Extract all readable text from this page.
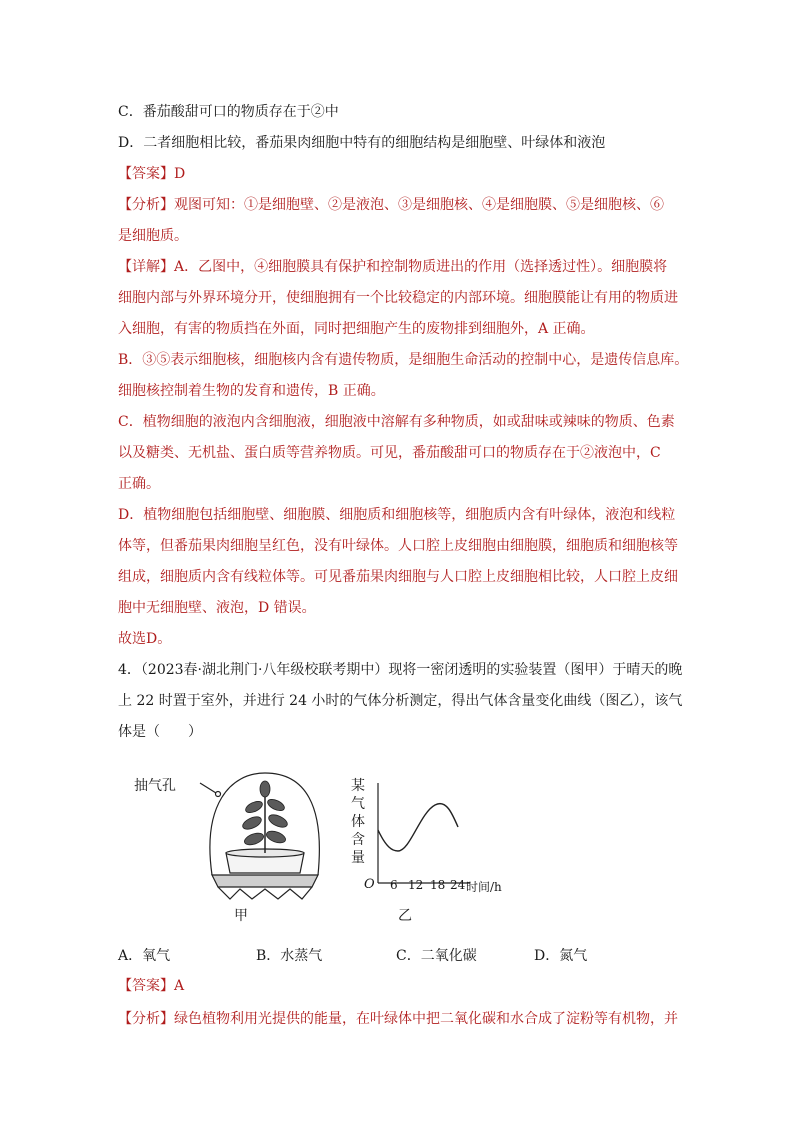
C．番茄酸甜可口的物质存在于②中
D．二者细胞相比较，番茄果肉细胞中特有的细胞结构是细胞壁、叶绿体和液泡
【答案】D
【分析】观图可知：①是细胞壁、②是液泡、③是细胞核、④是细胞膜、⑤是细胞核、⑥
是细胞质。
【详解】A．乙图中，④细胞膜具有保护和控制物质进出的作用（选择透过性）。细胞膜将
细胞内部与外界环境分开，使细胞拥有一个比较稳定的内部环境。细胞膜能让有用的物质进
入细胞，有害的物质挡在外面，同时把细胞产生的废物排到细胞外，A 正确。
B．③⑤表示细胞核，细胞核内含有遗传物质，是细胞生命活动的控制中心，是遗传信息库。
细胞核控制着生物的发育和遗传，B 正确。
C．植物细胞的液泡内含细胞液，细胞液中溶解有多种物质，如或甜味或辣味的物质、色素
以及糖类、无机盐、蛋白质等营养物质。可见，番茄酸甜可口的物质存在于②液泡中，C
正确。
D．植物细胞包括细胞壁、细胞膜、细胞质和细胞核等，细胞质内含有叶绿体，液泡和线粒
体等，但番茄果肉细胞呈红色，没有叶绿体。人口腔上皮细胞由细胞膜，细胞质和细胞核等
组成，细胞质内含有线粒体等。可见番茄果肉细胞与人口腔上皮细胞相比较，人口腔上皮细
胞中无细胞壁、液泡，D 错误。
故选D。
4．（2023春·湖北荆门·八年级校联考期中）现将一密闭透明的实验装置（图甲）于晴天的晚
上 22 时置于室外，并进行 24 小时的气体分析测定，得出气体含量变化曲线（图乙），该气
体是（　　）
抽气孔
甲	乙
某
气
体
含
量
O 6 12 18 24 时间/h
A．氧气	B．水蒸气	C．二氧化碳	D．氮气
【答案】A
【分析】绿色植物利用光提供的能量，在叶绿体中把二氧化碳和水合成了淀粉等有机物，并
